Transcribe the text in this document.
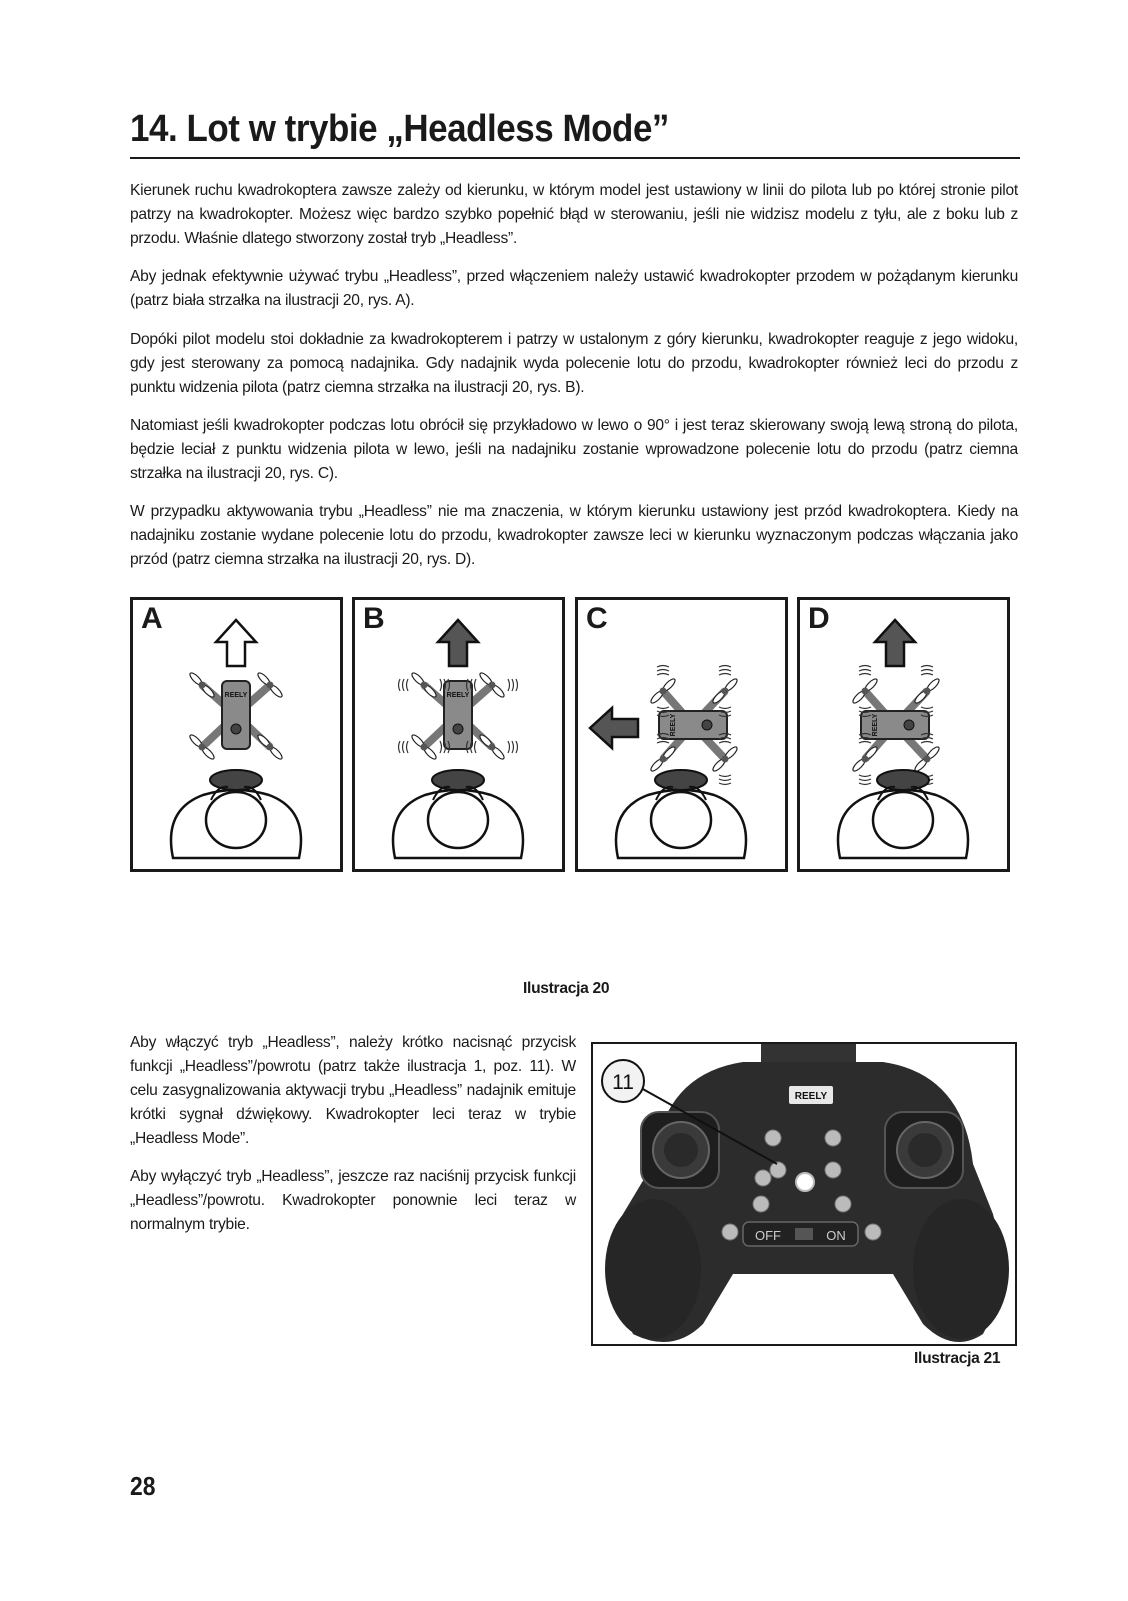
14. Lot w trybie „Headless Mode”

Kierunek ruchu kwadrokoptera zawsze zależy od kierunku, w którym model jest ustawiony w linii do pilota lub po której stronie pilot patrzy na kwadrokopter. Możesz więc bardzo szybko popełnić błąd w sterowaniu, jeśli nie widzisz modelu z tyłu, ale z boku lub z przodu. Właśnie dlatego stworzony został tryb „Headless”.

Aby jednak efektywnie używać trybu „Headless”, przed włączeniem należy ustawić kwadrokopter przodem w pożądanym kierunku (patrz biała strzałka na ilustracji 20, rys. A).

Dopóki pilot modelu stoi dokładnie za kwadrokopterem i patrzy w ustalonym z góry kierunku, kwadrokopter reaguje z jego widoku, gdy jest sterowany za pomocą nadajnika. Gdy nadajnik wyda polecenie lotu do przodu, kwadrokopter również leci do przodu z punktu widzenia pilota (patrz ciemna strzałka na ilustracji 20, rys. B).

Natomiast jeśli kwadrokopter podczas lotu obrócił się przykładowo w lewo o 90° i jest teraz skierowany swoją lewą stroną do pilota, będzie leciał z punktu widzenia pilota w lewo, jeśli na nadajniku zostanie wprowadzone polecenie lotu do przodu (patrz ciemna strzałka na ilustracji 20, rys. C).

W przypadku aktywowania trybu „Headless” nie ma znaczenia, w którym kierunku ustawiony jest przód kwadrokoptera. Kiedy na nadajniku zostanie wydane polecenie lotu do przodu, kwadrokopter zawsze leci w kierunku wyznaczonym podczas włączania jako przód (patrz ciemna strzałka na ilustracji 20, rys. D).

A
REELY
B
REELY
C
REELY
D
REELY
Ilustracja 20

Aby włączyć tryb „Headless”, należy krótko nacisnąć przycisk funkcji „Headless”/powrotu (patrz także ilustracja 1, poz. 11). W celu zasygnalizowania aktywacji trybu „Headless” nadajnik emituje krótki sygnał dźwiękowy. Kwadrokopter leci teraz w trybie „Headless Mode”.

Aby wyłączyć tryb „Headless”, jeszcze raz naciśnij przycisk funkcji „Headless”/powrotu. Kwadrokopter ponownie leci teraz w normalnym trybie.

REELY
OFF	ON
11
Ilustracja 21
28
